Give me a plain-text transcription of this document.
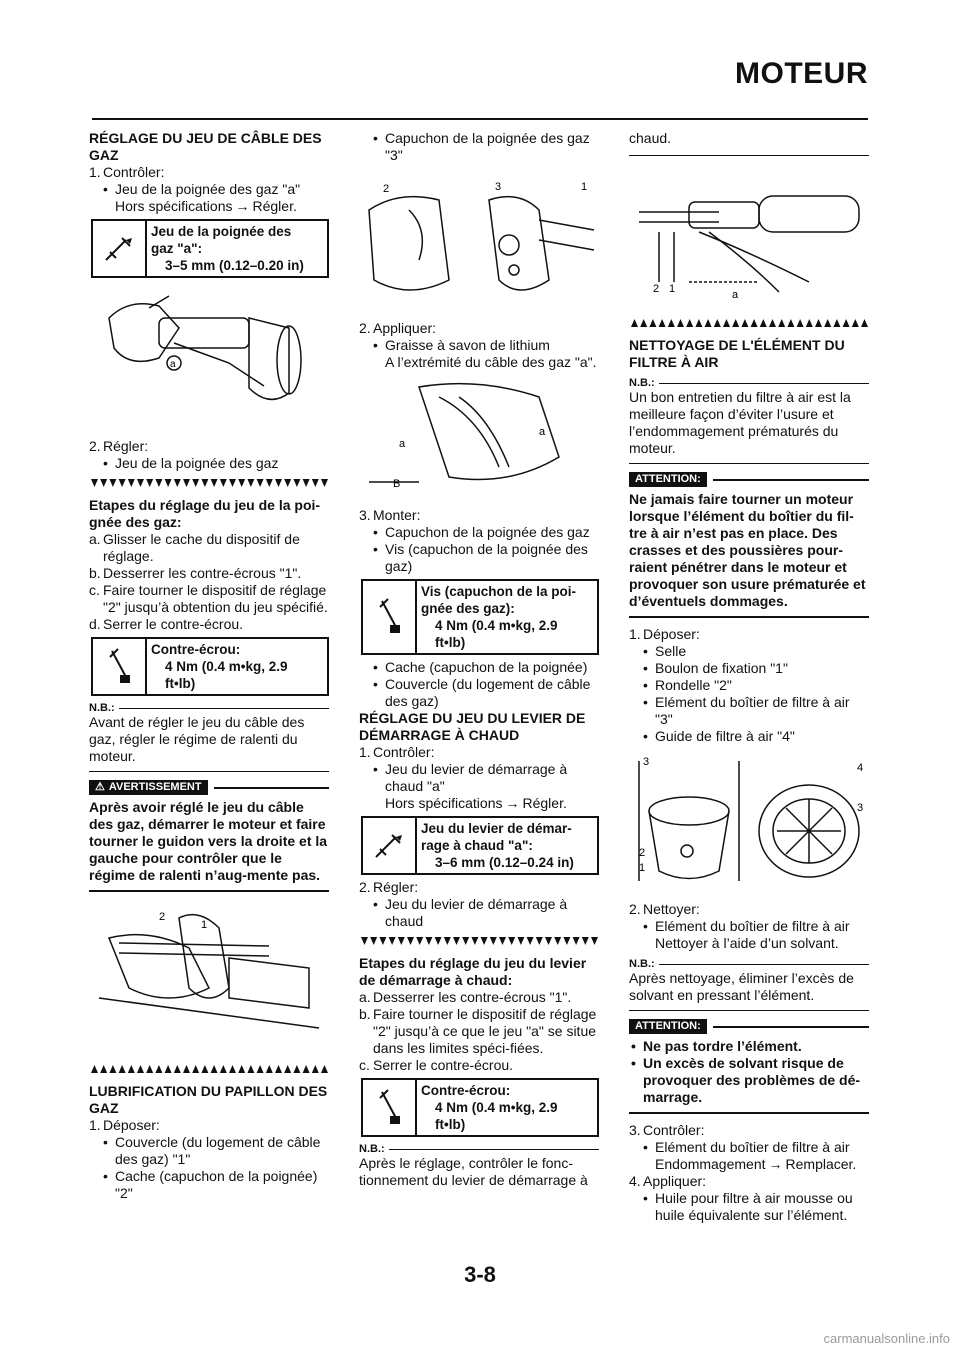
MOTEUR
RÉGLAGE DU JEU DE CÂBLE DES GAZ
1. Contrôler:
• Jeu de la poignée des gaz "a"
Hors spécifications → Régler.
Jeu de la poignée des
gaz "a":
3–5 mm (0.12–0.20 in)
a
2. Régler:
• Jeu de la poignée des gaz
Etapes du réglage du jeu de la poi-gnée des gaz:
a. Glisser le cache du dispositif de réglage.
b. Desserrer les contre-écrous "1".
c. Faire tourner le dispositif de réglage "2" jusqu’à obtention du jeu spécifié.
d. Serrer le contre-écrou.
Contre-écrou:
4 Nm (0.4 m•kg, 2.9
ft•lb)
N.B.:
Avant de régler le jeu du câble des gaz, régler le régime de ralenti du moteur.
⚠ AVERTISSEMENT
Après avoir réglé le jeu du câble des gaz, démarrer le moteur et faire tourner le guidon vers la droite et la gauche pour contrôler que le régime de ralenti n’aug-mente pas.
2
1

LUBRIFICATION DU PAPILLON DES GAZ
1. Déposer:
• Couvercle (du logement de câble des gaz) "1"
• Cache (capuchon de la poignée) "2"
• Capuchon de la poignée des gaz "3"
2	3	1
2. Appliquer:
• Graisse à savon de lithium
A l’extrémité du câble des gaz "a".
a
a
B
3. Monter:
• Capuchon de la poignée des gaz
• Vis (capuchon de la poignée des gaz)
Vis (capuchon de la poi-
gnée des gaz):
4 Nm (0.4 m•kg, 2.9
ft•lb)
• Cache (capuchon de la poignée)
• Couvercle (du logement de câble des gaz)
RÉGLAGE DU JEU DU LEVIER DE DÉMARRAGE À CHAUD
1. Contrôler:
• Jeu du levier de démarrage à chaud "a"
Hors spécifications → Régler.
Jeu du levier de démar-
rage à chaud "a":
3–6 mm (0.12–0.24 in)
2. Régler:
• Jeu du levier de démarrage à chaud
Etapes du réglage du jeu du levier de démarrage à chaud:
a. Desserrer les contre-écrous "1".
b. Faire tourner le dispositif de réglage "2" jusqu’à ce que le jeu "a" se situe dans les limites spéci-fiées.
c. Serrer le contre-écrou.
Contre-écrou:
4 Nm (0.4 m•kg, 2.9
ft•lb)
N.B.:
Après le réglage, contrôler le fonc-tionnement du levier de démarrage à
chaud.
2 1	a

NETTOYAGE DE L'ÉLÉMENT DU FILTRE À AIR
N.B.:
Un bon entretien du filtre à air est la meilleure façon d’éviter l’usure et l’endommagement prématurés du moteur.
ATTENTION:
Ne jamais faire tourner un moteur lorsque l’élément du boîtier du fil-tre à air n’est pas en place. Des crasses et des poussières pour-raient pénétrer dans le moteur et provoquer son usure prématurée et d’éventuels dommages.
1. Déposer:
• Selle
• Boulon de fixation "1"
• Rondelle "2"
• Elément du boîtier de filtre à air "3"
• Guide de filtre à air "4"
3	4
3
2
1
2. Nettoyer:
• Elément du boîtier de filtre à air
Nettoyer à l’aide d’un solvant.
N.B.:
Après nettoyage, éliminer l’excès de solvant en pressant l’élément.
ATTENTION:
• Ne pas tordre l’élément.
• Un excès de solvant risque de provoquer des problèmes de dé-marrage.
3. Contrôler:
• Elément du boîtier de filtre à air
Endommagement → Remplacer.
4. Appliquer:
• Huile pour filtre à air mousse ou huile équivalente sur l’élément.
3-8
carmanualsonline.info
